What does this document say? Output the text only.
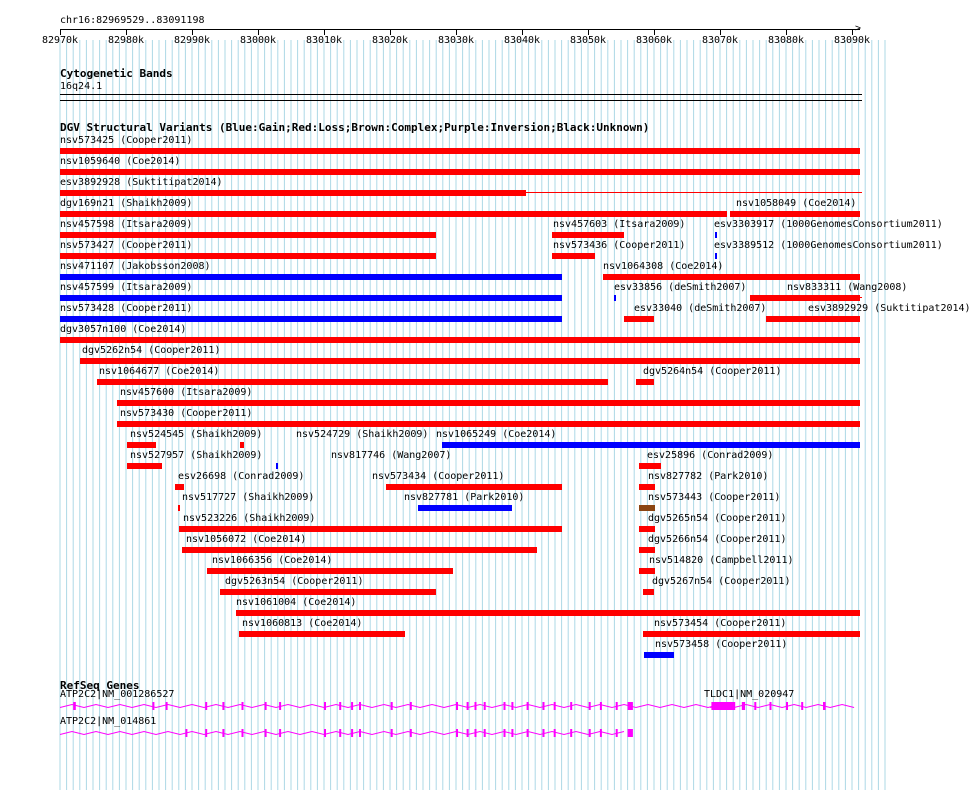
chr16:82969529..83091198
>
82970k	82980k	82990k	83000k	83010k	83020k	83030k	83040k	83050k	83060k	83070k	83080k	83090k
Cytogenetic Bands
16q24.1
DGV Structural Variants (Blue:Gain;Red:Loss;Brown:Complex;Purple:Inversion;Black:Unknown)
nsv573425 (Cooper2011)
nsv1059640 (Coe2014)
esv3892928 (Suktitipat2014)
dgv169n21 (Shaikh2009)	nsv1058049 (Coe2014)
nsv457598 (Itsara2009)	nsv457603 (Itsara2009)	esv3303917 (1000GenomesConsortium2011)
nsv573427 (Cooper2011)	nsv573436 (Cooper2011)	esv3389512 (1000GenomesConsortium2011)
nsv471107 (Jakobsson2008)	nsv1064308 (Coe2014)
nsv457599 (Itsara2009)	esv33856 (deSmith2007)	nsv833311 (Wang2008)
nsv573428 (Cooper2011)	esv33040 (deSmith2007)	esv3892929 (Suktitipat2014)
dgv3057n100 (Coe2014)
dgv5262n54 (Cooper2011)
nsv1064677 (Coe2014)	dgv5264n54 (Cooper2011)
nsv457600 (Itsara2009)
nsv573430 (Cooper2011)
nsv524545 (Shaikh2009)	nsv524729 (Shaikh2009) nsv1065249 (Coe2014)
nsv527957 (Shaikh2009)	nsv817746 (Wang2007)	esv25896 (Conrad2009)
esv26698 (Conrad2009)	nsv573434 (Cooper2011)	nsv827782 (Park2010)
nsv517727 (Shaikh2009)	nsv827781 (Park2010)	nsv573443 (Cooper2011)
nsv523226 (Shaikh2009)	dgv5265n54 (Cooper2011)
nsv1056072 (Coe2014)	dgv5266n54 (Cooper2011)
nsv1066356 (Coe2014)	nsv514820 (Campbell2011)
dgv5263n54 (Cooper2011)	dgv5267n54 (Cooper2011)
nsv1061004 (Coe2014)
nsv1060813 (Coe2014)	nsv573454 (Cooper2011)
nsv573458 (Cooper2011)
RefSeq Genes
ATP2C2|NM_001286527
ATP2C2|NM_014861
TLDC1|NM_020947
